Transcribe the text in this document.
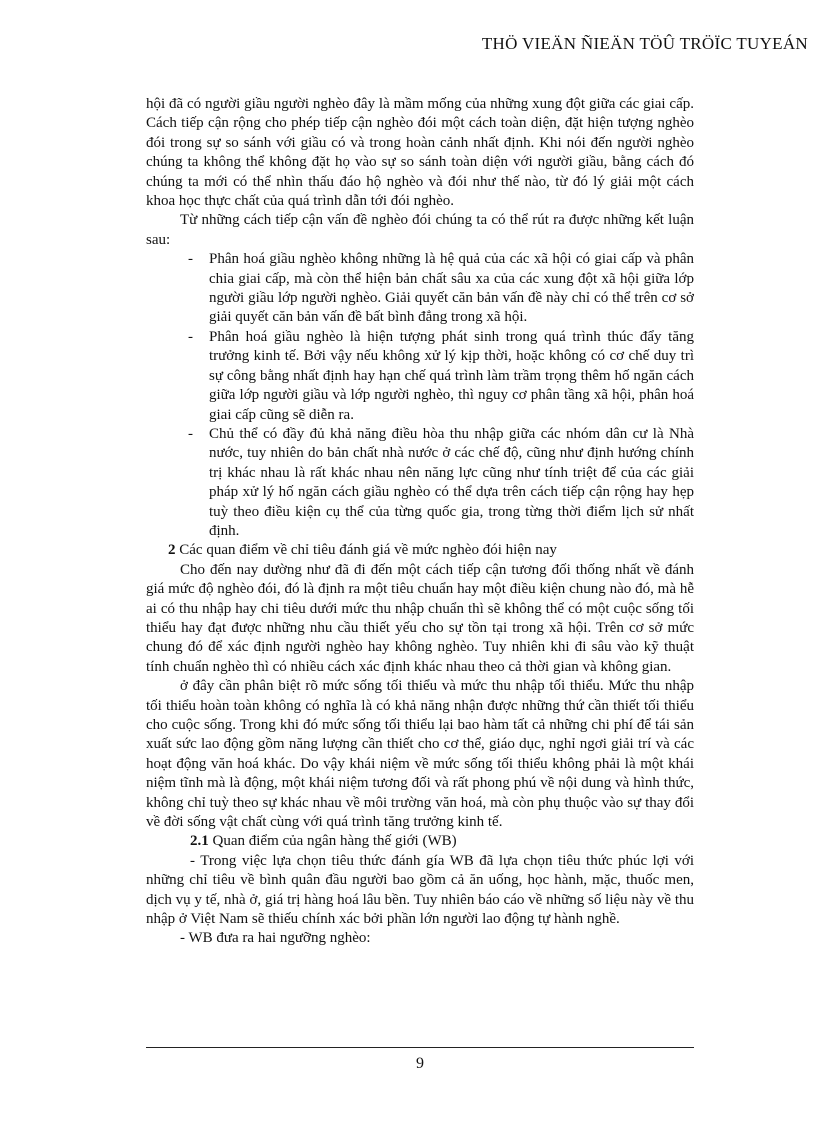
THÖ VIEÄN ÑIEÄN TÖÛ TRÖÏC TUYEÁN

hội đã có người giầu người nghèo đây là mầm mống của những xung đột giữa các giai cấp. Cách tiếp cận rộng cho phép tiếp cận nghèo đói một cách toàn diện, đặt hiện tượng nghèo đói trong sự so sánh với giầu có và trong hoàn cảnh nhất định. Khi nói đến người nghèo chúng ta không thể không đặt họ vào sự so sánh toàn diện với người giầu, bằng cách đó chúng ta mới có thể nhìn thấu đáo hộ nghèo và đói như thế nào, từ đó lý giải một cách khoa học thực chất của quá trình dẫn tới đói nghèo.

Từ những cách tiếp cận vấn đề nghèo đói chúng ta có thể rút ra được những kết luận sau:

- Phân hoá giầu nghèo không những là hệ quả của các xã hội có giai cấp và phân chia giai cấp, mà còn thể hiện bản chất sâu xa của các xung đột xã hội giữa lớp người giầu lớp người nghèo. Giải quyết căn bản vấn đề này chỉ có thể trên cơ sở giải quyết căn bản vấn đề bất bình đẳng trong xã hội.
- Phân hoá giầu nghèo là hiện tượng phát sinh trong quá trình thúc đẩy tăng trưởng kinh tế. Bởi vậy nếu không xử lý kịp thời, hoặc không có cơ chế duy trì sự công bằng nhất định hay hạn chế quá trình làm trầm trọng thêm hố ngăn cách giữa lớp người giầu và lớp người nghèo, thì nguy cơ phân tầng xã hội, phân hoá giai cấp cũng sẽ diễn ra.
- Chủ thể có đầy đủ khả năng điều hòa thu nhập giữa các nhóm dân cư là Nhà nước, tuy nhiên do bản chất nhà nước ở các chế độ, cũng như định hướng chính trị khác nhau là rất khác nhau nên năng lực cũng như tính triệt để của các giải pháp xử lý hố ngăn cách giầu nghèo có thể dựa trên cách tiếp cận rộng hay hẹp tuỳ theo điều kiện cụ thể của từng quốc gia, trong từng thời điểm lịch sử nhất định.

2 Các quan điểm về chỉ tiêu đánh giá về mức nghèo đói hiện nay

Cho đến nay dường như đã đi đến một cách tiếp cận tương đối thống nhất về đánh giá mức độ nghèo đói, đó là định ra một tiêu chuẩn hay một điều kiện chung nào đó, mà hễ ai có thu nhập hay chi tiêu dưới mức thu nhập chuẩn thì sẽ không thể có một cuộc sống tối thiểu hay đạt được những nhu cầu thiết yếu cho sự tồn tại trong xã hội. Trên cơ sở mức chung đó để xác định người nghèo hay không nghèo. Tuy nhiên khi đi sâu vào kỹ thuật tính chuẩn nghèo thì có nhiều cách xác định khác nhau theo cả thời gian và không gian.

ở đây cần phân biệt rõ mức sống tối thiểu và mức thu nhập tối thiểu. Mức thu nhập tối thiểu hoàn toàn không có nghĩa là có khả năng nhận được những thứ cần thiết tối thiểu cho cuộc sống. Trong khi đó mức sống tối thiểu lại bao hàm tất cả những chi phí để tái sản xuất sức lao động gồm năng lượng cần thiết cho cơ thể, giáo dục, nghỉ ngơi giải trí và các hoạt động văn hoá khác. Do vậy khái niệm về mức sống tối thiểu không phải là một khái niệm tĩnh mà là động, một khái niệm tương đối và rất phong phú về nội dung và hình thức, không chỉ tuỳ theo sự khác nhau về môi trường văn hoá, mà còn phụ thuộc vào sự thay đổi về đời sống vật chất cùng với quá trình tăng trưởng kinh tế.

2.1 Quan điểm của ngân hàng thế giới (WB)

- Trong việc lựa chọn tiêu thức đánh gía WB đã lựa chọn tiêu thức phúc lợi với những chỉ tiêu về bình quân đầu người bao gồm cả ăn uống, học hành, mặc, thuốc men, dịch vụ y tế, nhà ở, giá trị hàng hoá lâu bền. Tuy nhiên báo cáo về những số liệu này về thu nhập ở Việt Nam sẽ thiếu chính xác bởi phần lớn người lao động tự hành nghề.

- WB đưa ra hai ngưỡng nghèo:

9
